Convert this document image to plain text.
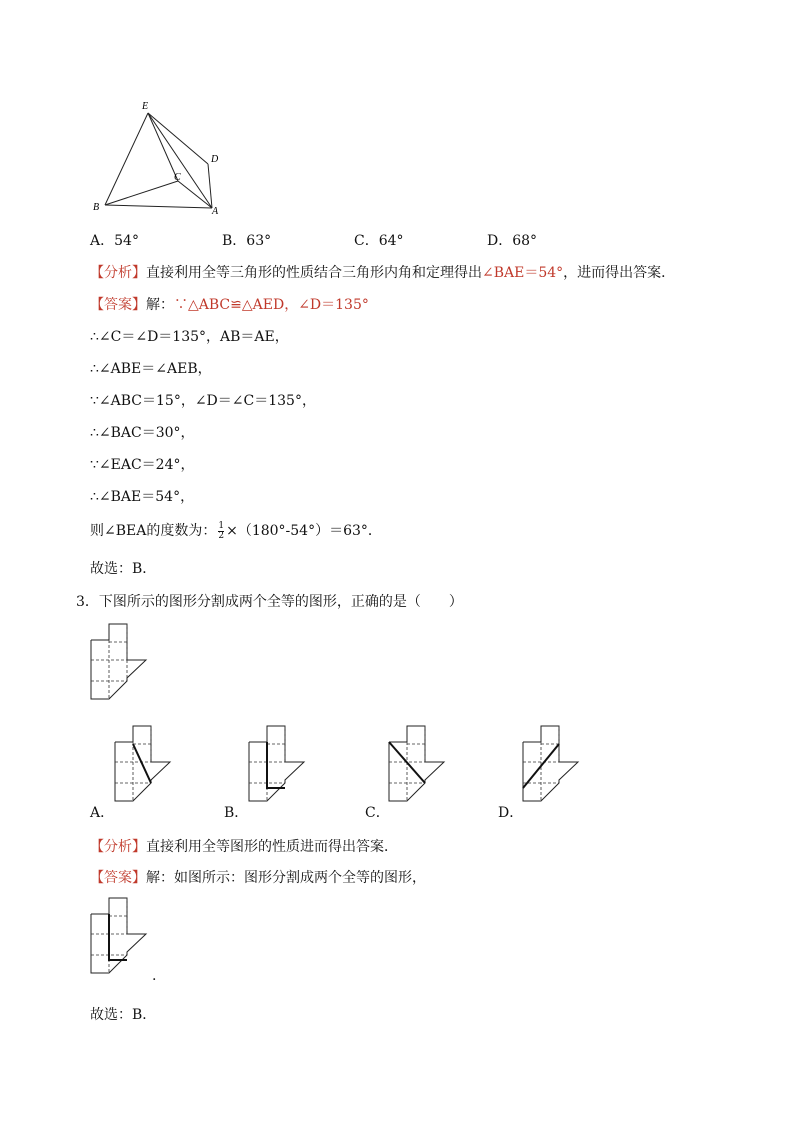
E
D
C
B	A
A．54°	B．63°	C．64°	D．68°
【分析】直接利用全等三角形的性质结合三角形内角和定理得出∠BAE＝54°，进而得出答案．
【答案】解：∵△ABC≌△AED，∠D＝135°
∴∠C＝∠D＝135°，AB＝AE，
∴∠ABE＝∠AEB，
∵∠ABC＝15°，∠D＝∠C＝135°，
∴∠BAC＝30°，
∵∠EAC＝24°，
∴∠BAE＝54°，
则∠BEA的度数为： $\frac{1}{2} \times(180^\circ-54^\circ)=63^\circ$．
故选：B．
3．下图所示的图形分割成两个全等的图形，正确的是（　　）
A．	B．	C．	D．
【分析】直接利用全等图形的性质进而得出答案．
【答案】解：如图所示：图形分割成两个全等的图形，
.
故选：B．
